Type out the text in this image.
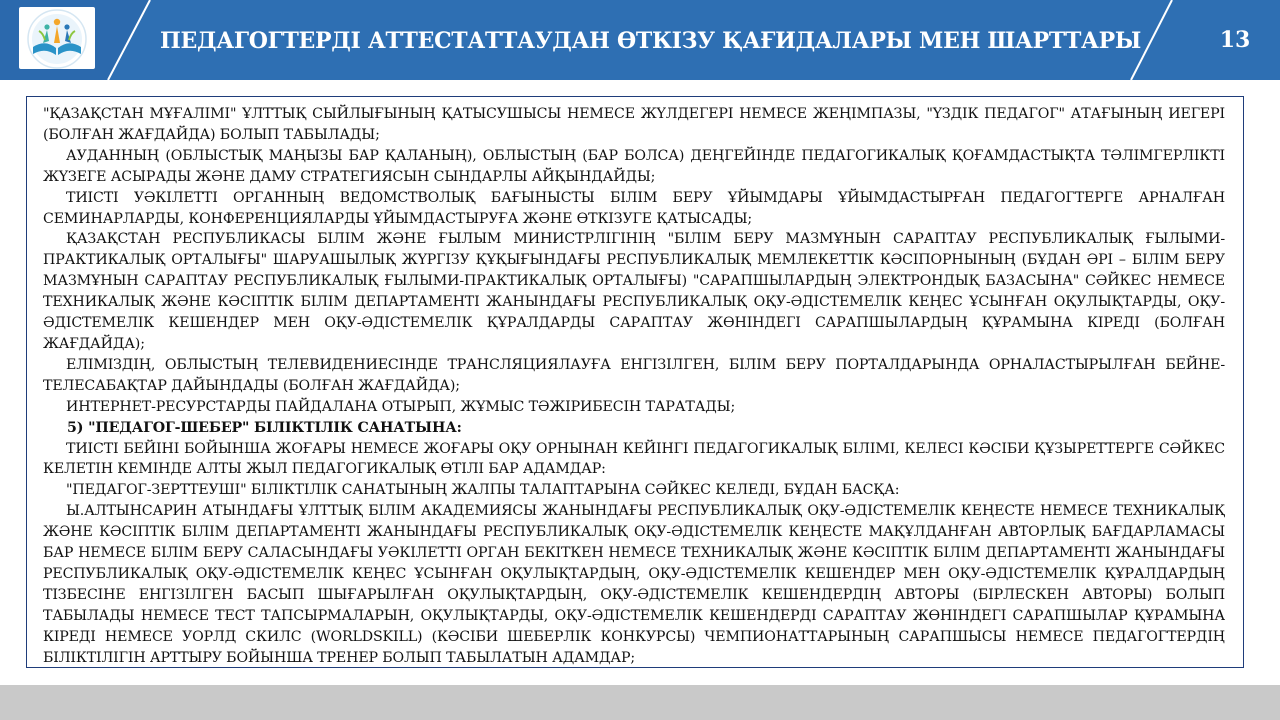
ПЕДАГОГТЕРДІ АТТЕСТАТТАУДАН ӨТКІЗУ ҚАҒИДАЛАРЫ МЕН ШАРТТАРЫ	13

"ҚАЗАҚСТАН МҰҒАЛІМІ" ҰЛТТЫҚ СЫЙЛЫҒЫНЫҢ ҚАТЫСУШЫСЫ НЕМЕСЕ ЖҮЛДЕГЕРІ НЕМЕСЕ ЖЕҢІМПАЗЫ, "ҮЗДІК ПЕДАГОГ" АТАҒЫНЫҢ ИЕГЕРІ (БОЛҒАН ЖАҒДАЙДА) БОЛЫП ТАБЫЛАДЫ;

АУДАННЫҢ (ОБЛЫСТЫҚ МАҢЫЗЫ БАР ҚАЛАНЫҢ), ОБЛЫСТЫҢ (БАР БОЛСА) ДЕҢГЕЙІНДЕ ПЕДАГОГИКАЛЫҚ ҚОҒАМДАСТЫҚТА ТӘЛІМГЕРЛІКТІ ЖҮЗЕГЕ АСЫРАДЫ ЖӘНЕ ДАМУ СТРАТЕГИЯСЫН СЫНДАРЛЫ АЙҚЫНДАЙДЫ;

ТИІСТІ УӘКІЛЕТТІ ОРГАННЫҢ ВЕДОМСТВОЛЫҚ БАҒЫНЫСТЫ БІЛІМ БЕРУ ҰЙЫМДАРЫ ҰЙЫМДАСТЫРҒАН ПЕДАГОГТЕРГЕ АРНАЛҒАН СЕМИНАРЛАРДЫ, КОНФЕРЕНЦИЯЛАРДЫ ҰЙЫМДАСТЫРУҒА ЖӘНЕ ӨТКІЗУГЕ ҚАТЫСАДЫ;

ҚАЗАҚСТАН РЕСПУБЛИКАСЫ БІЛІМ ЖӘНЕ ҒЫЛЫМ МИНИСТРЛІГІНІҢ "БІЛІМ БЕРУ МАЗМҰНЫН САРАПТАУ РЕСПУБЛИКАЛЫҚ ҒЫЛЫМИ-ПРАКТИКАЛЫҚ ОРТАЛЫҒЫ" ШАРУАШЫЛЫҚ ЖҮРГІЗУ ҚҰҚЫҒЫНДАҒЫ РЕСПУБЛИКАЛЫҚ МЕМЛЕКЕТТІК КӘСІПОРНЫНЫҢ (БҰДАН ӘРІ – БІЛІМ БЕРУ МАЗМҰНЫН САРАПТАУ РЕСПУБЛИКАЛЫҚ ҒЫЛЫМИ-ПРАКТИКАЛЫҚ ОРТАЛЫҒЫ) "САРАПШЫЛАРДЫҢ ЭЛЕКТРОНДЫҚ БАЗАСЫНА" СӘЙКЕС НЕМЕСЕ ТЕХНИКАЛЫҚ ЖӘНЕ КӘСІПТІК БІЛІМ ДЕПАРТАМЕНТІ ЖАНЫНДАҒЫ РЕСПУБЛИКАЛЫҚ ОҚУ-ӘДІСТЕМЕЛІК КЕҢЕС ҰСЫНҒАН ОҚУЛЫҚТАРДЫ, ОҚУ-ӘДІСТЕМЕЛІК КЕШЕНДЕР МЕН ОҚУ-ӘДІСТЕМЕЛІК ҚҰРАЛДАРДЫ САРАПТАУ ЖӨНІНДЕГІ САРАПШЫЛАРДЫҢ ҚҰРАМЫНА КІРЕДІ (БОЛҒАН ЖАҒДАЙДА);

ЕЛІМІЗДІҢ, ОБЛЫСТЫҢ ТЕЛЕВИДЕНИЕСІНДЕ ТРАНСЛЯЦИЯЛАУҒА ЕНГІЗІЛГЕН, БІЛІМ БЕРУ ПОРТАЛДАРЫНДА ОРНАЛАСТЫРЫЛҒАН БЕЙНЕ-ТЕЛЕСАБАҚТАР ДАЙЫНДАДЫ (БОЛҒАН ЖАҒДАЙДА);

ИНТЕРНЕТ-РЕСУРСТАРДЫ ПАЙДАЛАНА ОТЫРЫП, ЖҰМЫС ТӘЖІРИБЕСІН ТАРАТАДЫ;

5) "ПЕДАГОГ-ШЕБЕР" БІЛІКТІЛІК САНАТЫНА:

ТИІСТІ БЕЙІНІ БОЙЫНША ЖОҒАРЫ НЕМЕСЕ ЖОҒАРЫ ОҚУ ОРНЫНАН КЕЙІНГІ ПЕДАГОГИКАЛЫҚ БІЛІМІ, КЕЛЕСІ КӘСІБИ ҚҰЗЫРЕТТЕРГЕ СӘЙКЕС КЕЛЕТІН КЕМІНДЕ АЛТЫ ЖЫЛ ПЕДАГОГИКАЛЫҚ ӨТІЛІ БАР АДАМДАР:

"ПЕДАГОГ-ЗЕРТТЕУШІ" БІЛІКТІЛІК САНАТЫНЫҢ ЖАЛПЫ ТАЛАПТАРЫНА СӘЙКЕС КЕЛЕДІ, БҰДАН БАСҚА:

Ы.АЛТЫНСАРИН АТЫНДАҒЫ ҰЛТТЫҚ БІЛІМ АКАДЕМИЯСЫ ЖАНЫНДАҒЫ РЕСПУБЛИКАЛЫҚ ОҚУ-ӘДІСТЕМЕЛІК КЕҢЕСТЕ НЕМЕСЕ ТЕХНИКАЛЫҚ ЖӘНЕ КӘСІПТІК БІЛІМ ДЕПАРТАМЕНТІ ЖАНЫНДАҒЫ РЕСПУБЛИКАЛЫҚ ОҚУ-ӘДІСТЕМЕЛІК КЕҢЕСТЕ МАҚҰЛДАНҒАН АВТОРЛЫҚ БАҒДАРЛАМАСЫ БАР НЕМЕСЕ БІЛІМ БЕРУ САЛАСЫНДАҒЫ УӘКІЛЕТТІ ОРГАН БЕКІТКЕН НЕМЕСЕ ТЕХНИКАЛЫҚ ЖӘНЕ КӘСІПТІК БІЛІМ ДЕПАРТАМЕНТІ ЖАНЫНДАҒЫ РЕСПУБЛИКАЛЫҚ ОҚУ-ӘДІСТЕМЕЛІК КЕҢЕС ҰСЫНҒАН ОҚУЛЫҚТАРДЫҢ, ОҚУ-ӘДІСТЕМЕЛІК КЕШЕНДЕР МЕН ОҚУ-ӘДІСТЕМЕЛІК ҚҰРАЛДАРДЫҢ ТІЗБЕСІНЕ ЕНГІЗІЛГЕН БАСЫП ШЫҒАРЫЛҒАН ОҚУЛЫҚТАРДЫҢ, ОҚУ-ӘДІСТЕМЕЛІК КЕШЕНДЕРДІҢ АВТОРЫ (БІРЛЕСКЕН АВТОРЫ) БОЛЫП ТАБЫЛАДЫ НЕМЕСЕ ТЕСТ ТАПСЫРМАЛАРЫН, ОҚУЛЫҚТАРДЫ, ОҚУ-ӘДІСТЕМЕЛІК КЕШЕНДЕРДІ САРАПТАУ ЖӨНІНДЕГІ САРАПШЫЛАР ҚҰРАМЫНА КІРЕДІ НЕМЕСЕ УОРЛД СКИЛС (WORLDSKILL) (КӘСІБИ ШЕБЕРЛІК КОНКУРСЫ) ЧЕМПИОНАТТАРЫНЫҢ САРАПШЫСЫ НЕМЕСЕ ПЕДАГОГТЕРДІҢ БІЛІКТІЛІГІН АРТТЫРУ БОЙЫНША ТРЕНЕР БОЛЫП ТАБЫЛАТЫН АДАМДАР;
